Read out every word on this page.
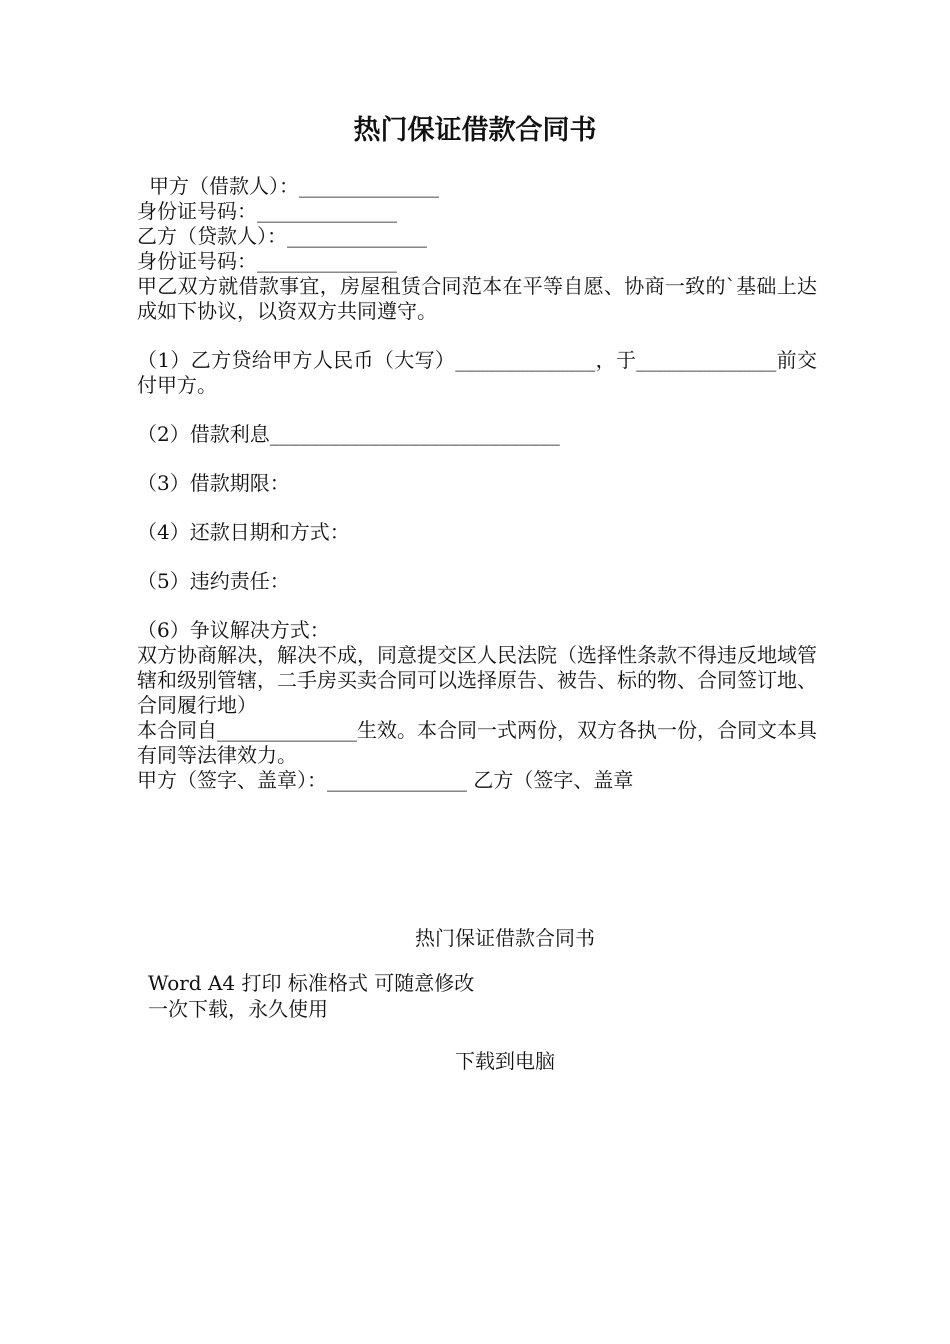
热门保证借款合同书
甲方（借款人）：______________
身份证号码：______________
乙方（贷款人）：______________
身份证号码：______________
甲乙双方就借款事宜，房屋租赁合同范本在平等自愿、协商一致的`基础上达成如下协议，以资双方共同遵守。
（1）乙方贷给甲方人民币（大写）______________，于______________前交付甲方。
（2）借款利息_____________________________
（3）借款期限：
（4）还款日期和方式：
（5）违约责任：
（6）争议解决方式：
双方协商解决，解决不成，同意提交区人民法院（选择性条款不得违反地域管辖和级别管辖，二手房买卖合同可以选择原告、被告、标的物、合同签订地、合同履行地）
本合同自______________生效。本合同一式两份，双方各执一份，合同文本具有同等法律效力。
甲方（签字、盖章）：______________ 乙方（签字、盖章
热门保证借款合同书
Word A4 打印 标准格式 可随意修改
一次下载，永久使用
下载到电脑
